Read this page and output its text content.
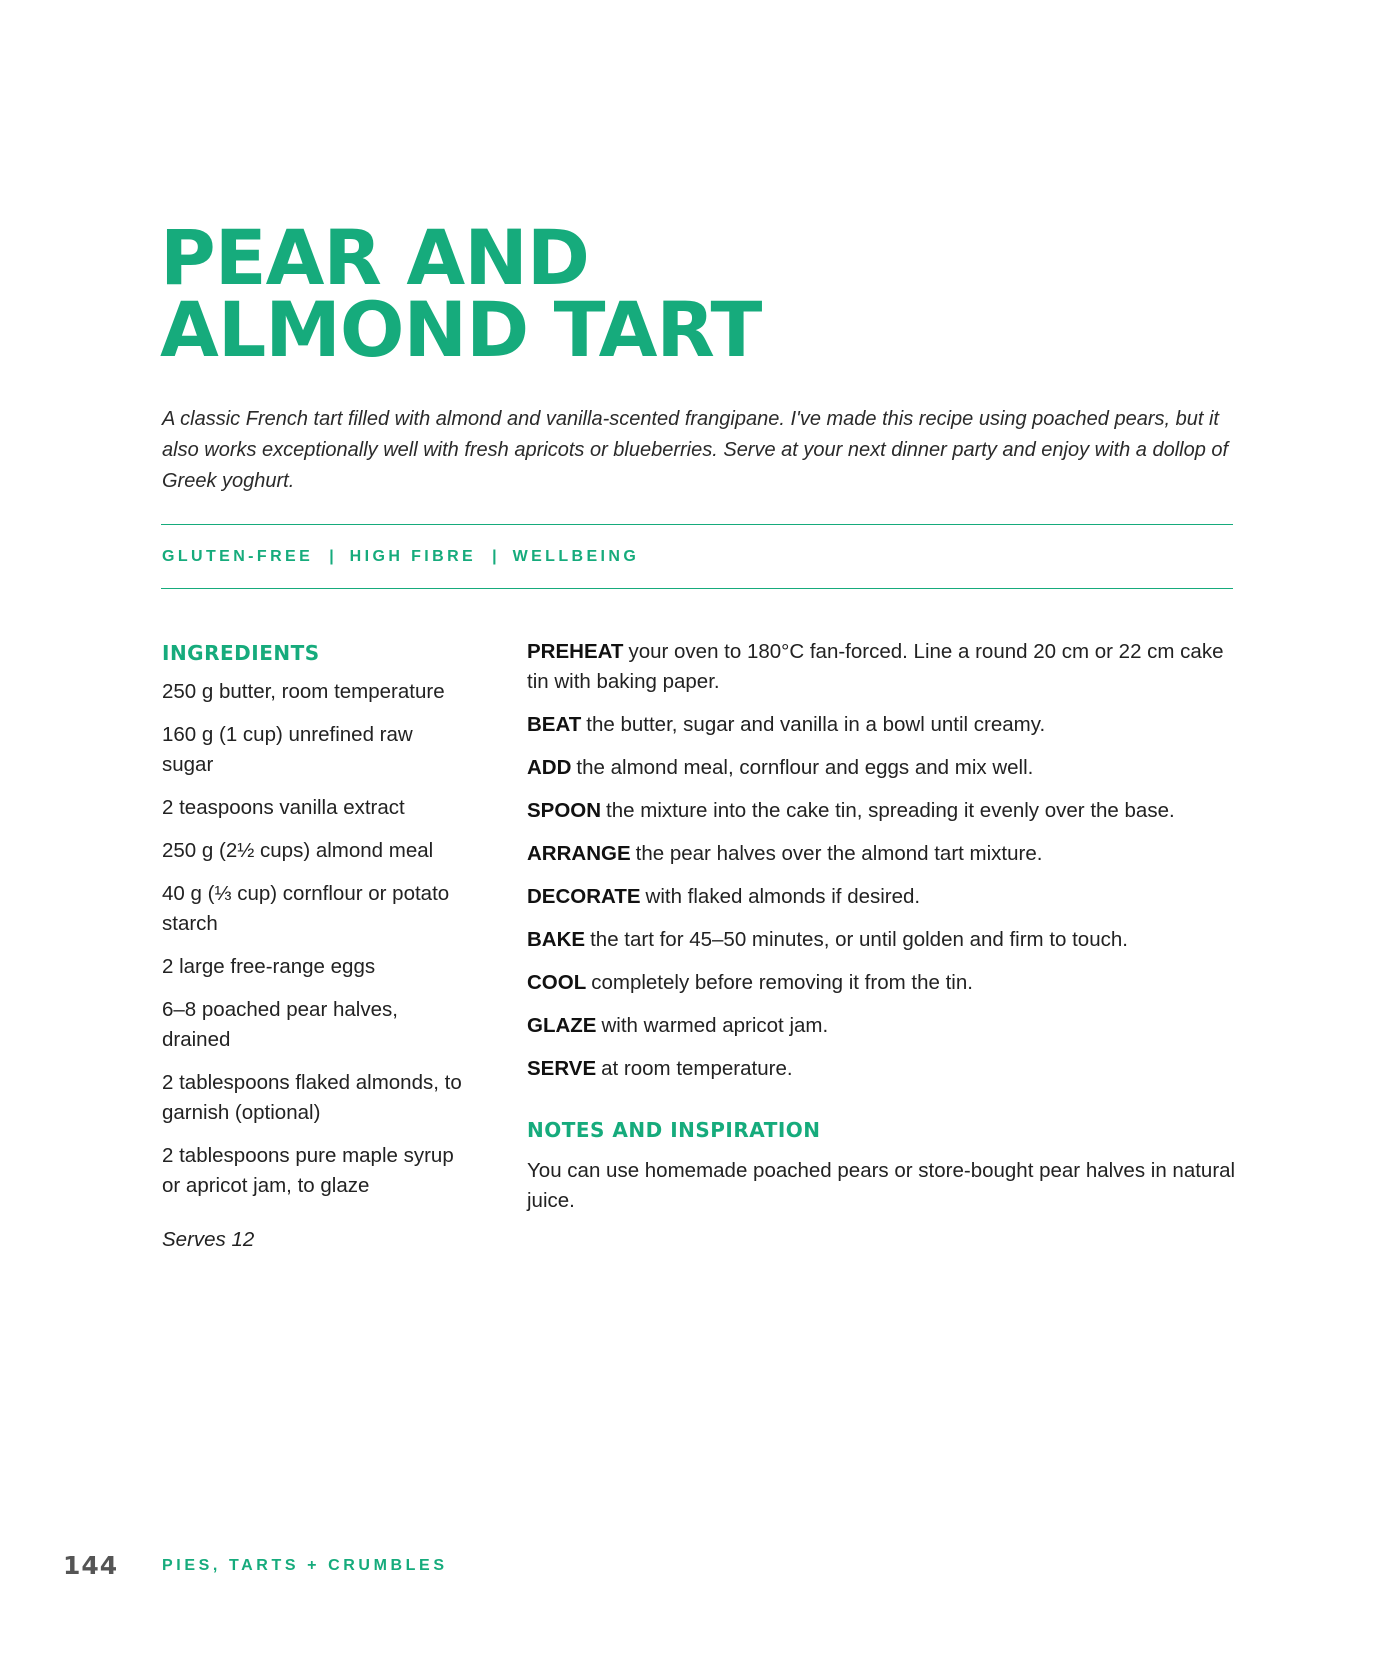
PEAR AND
ALMOND TART

A classic French tart filled with almond and vanilla-scented frangipane. I've made this recipe using poached pears, but it also works exceptionally well with fresh apricots or blueberries. Serve at your next dinner party and enjoy with a dollop of Greek yoghurt.

GLUTEN-FREE | HIGH FIBRE | WELLBEING
INGREDIENTS
250 g butter, room temperature
160 g (1 cup) unrefined raw sugar
2 teaspoons vanilla extract
250 g (2½ cups) almond meal
40 g (⅓ cup) cornflour or potato starch
2 large free-range eggs
6–8 poached pear halves, drained
2 tablespoons flaked almonds, to garnish (optional)
2 tablespoons pure maple syrup or apricot jam, to glaze
Serves 12
PREHEAT your oven to 180°C fan-forced. Line a round 20 cm or 22 cm cake tin with baking paper.
BEAT the butter, sugar and vanilla in a bowl until creamy.
ADD the almond meal, cornflour and eggs and mix well.
SPOON the mixture into the cake tin, spreading it evenly over the base.
ARRANGE the pear halves over the almond tart mixture.
DECORATE with flaked almonds if desired.
BAKE the tart for 45–50 minutes, or until golden and firm to touch.
COOL completely before removing it from the tin.
GLAZE with warmed apricot jam.
SERVE at room temperature.
NOTES AND INSPIRATION

You can use homemade poached pears or store-bought pear halves in natural juice.

144	PIES, TARTS + CRUMBLES
